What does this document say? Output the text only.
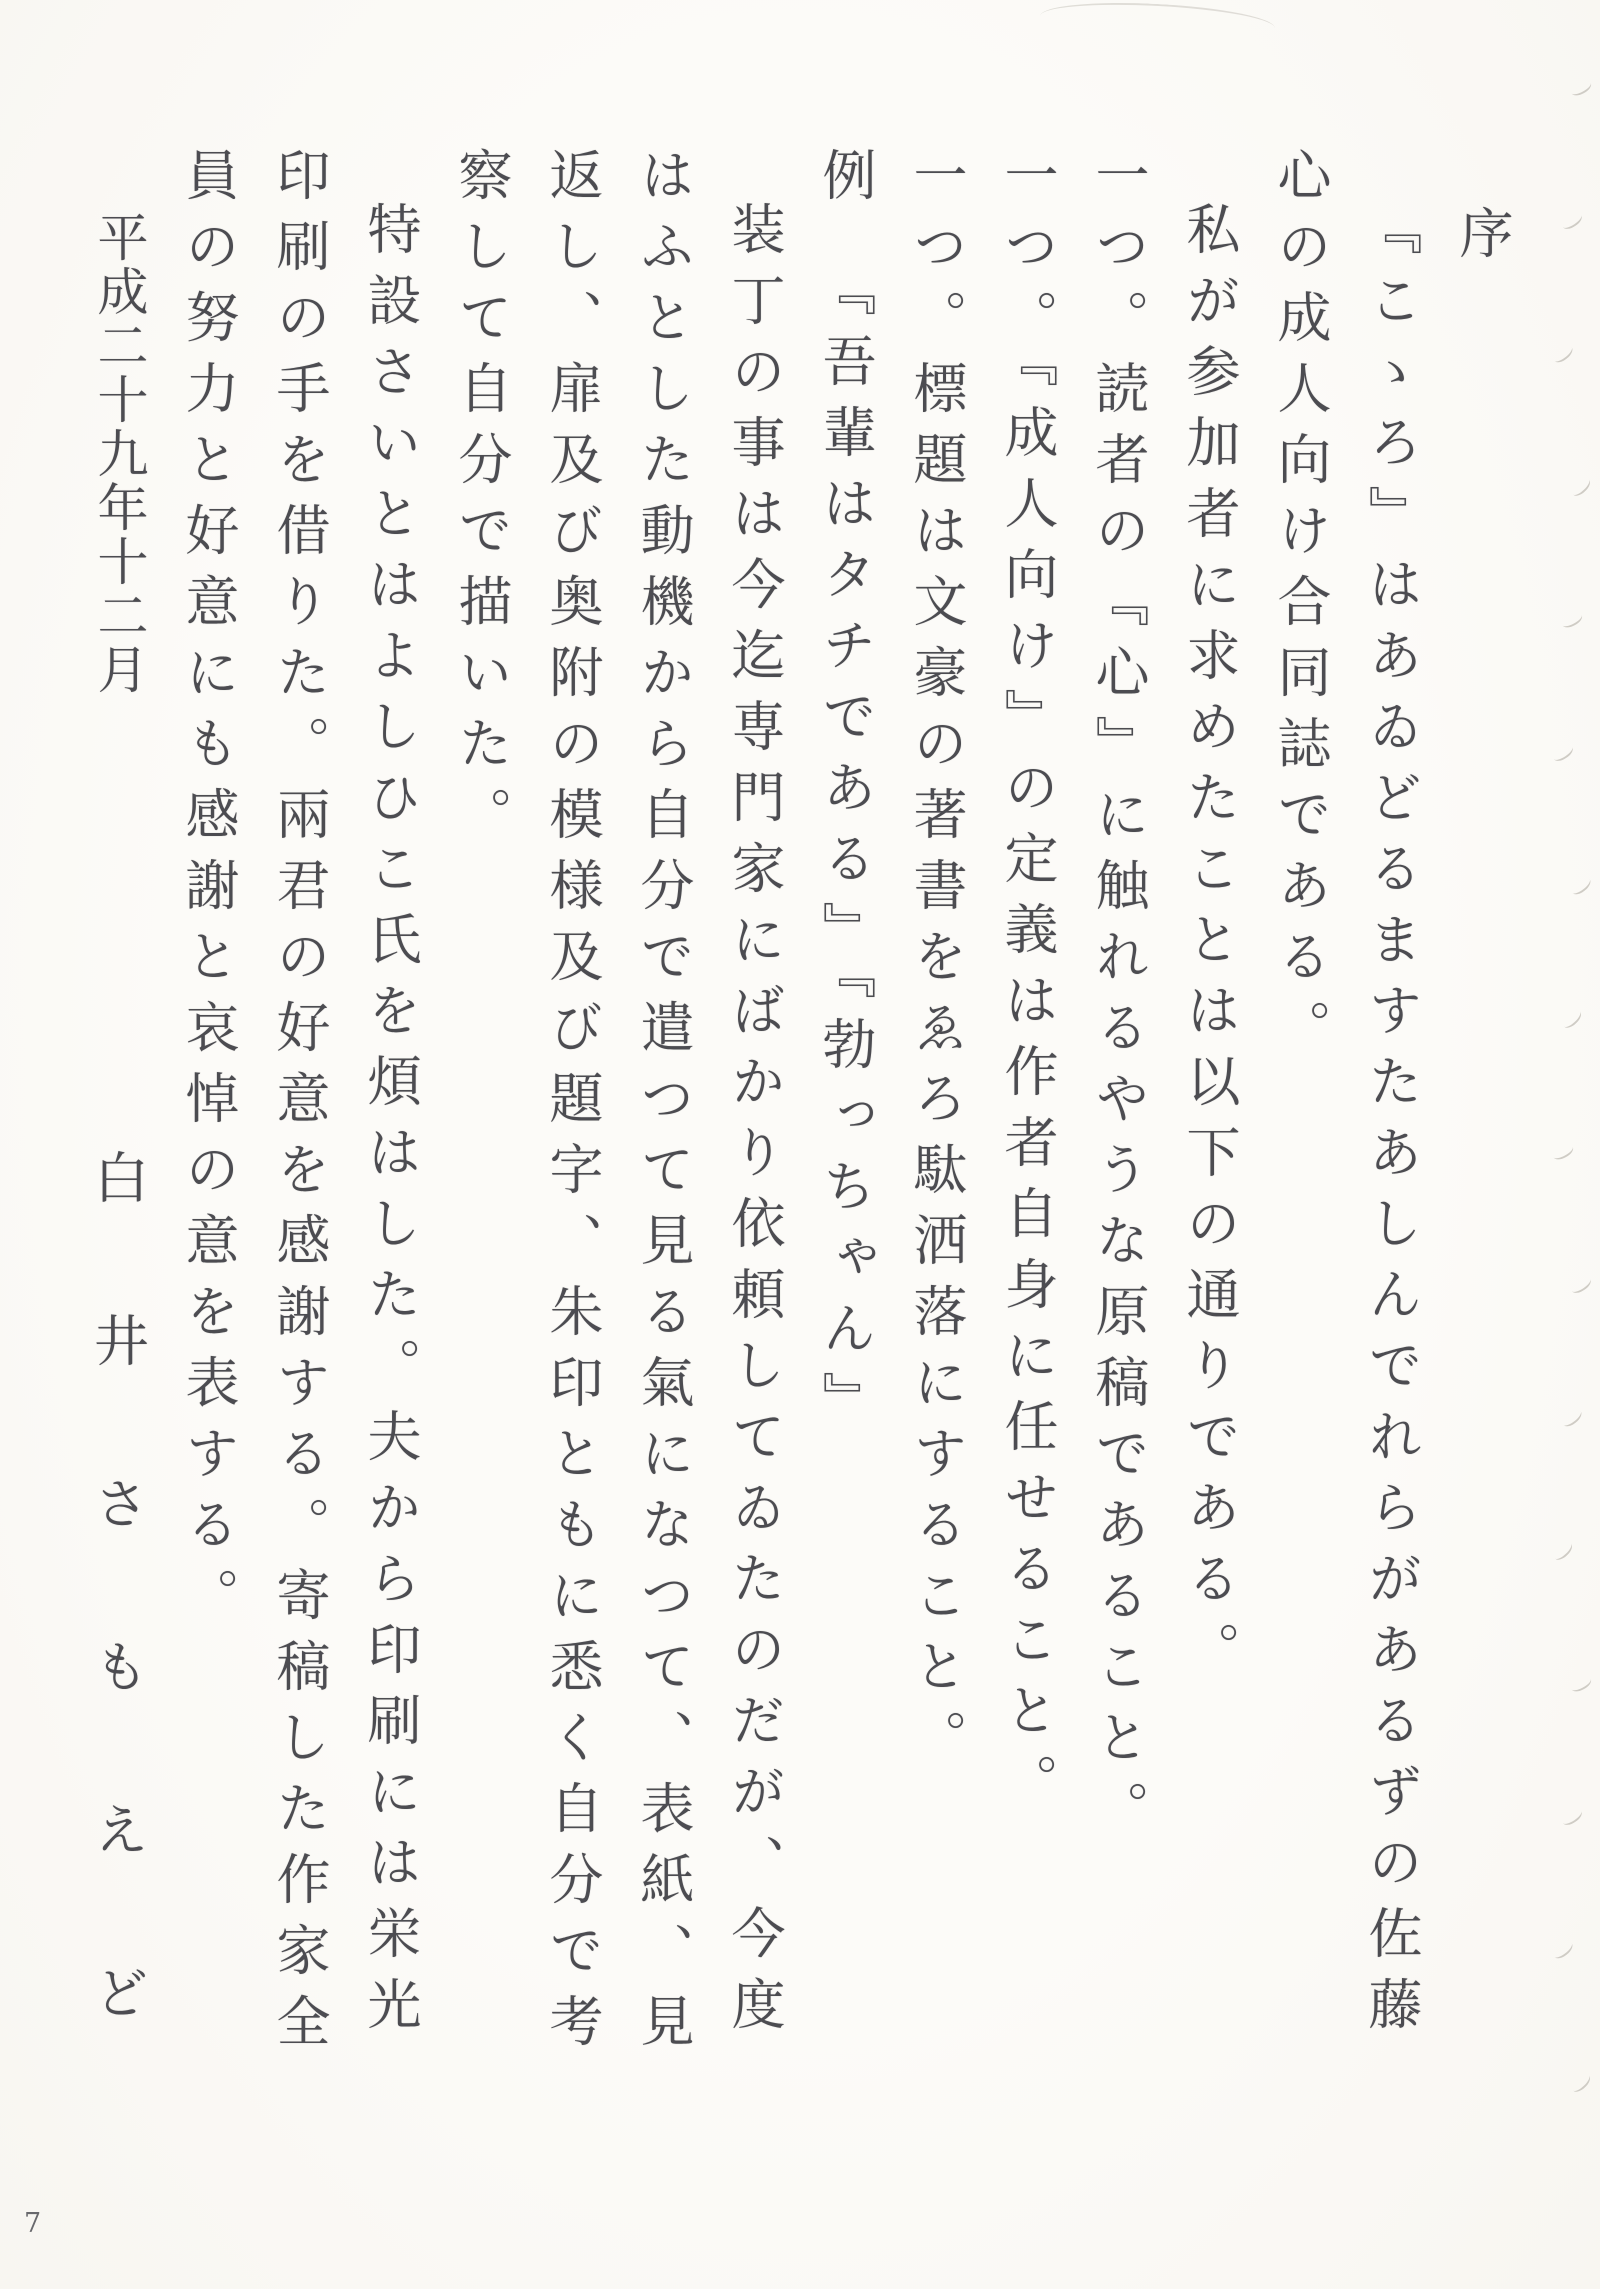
序
『こゝろ』はあゐどるますたあしんでれらがあるずの佐藤
心の成人向け合同誌である。
私が参加者に求めたことは以下の通りである。
一つ。読者の『心』に触れるやうな原稿であること。
一つ。『成人向け』の定義は作者自身に任せること。
一つ。標題は文豪の著書をゑろ駄洒落にすること。
例　『吾輩はタチである』『勃っちゃん』
装丁の事は今迄専門家にばかり依頼してゐたのだが、今度
はふとした動機から自分で遣つて見る氣になつて、表紙、見
返し、扉及び奥附の模様及び題字、朱印ともに悉く自分で考
察して自分で描いた。
特設さいとはよしひこ氏を煩はした。夫から印刷には栄光
印刷の手を借りた。兩君の好意を感謝する。寄稿した作家全
員の努力と好意にも感謝と哀悼の意を表する。
平成二十九年十二月白井さもえど
7
